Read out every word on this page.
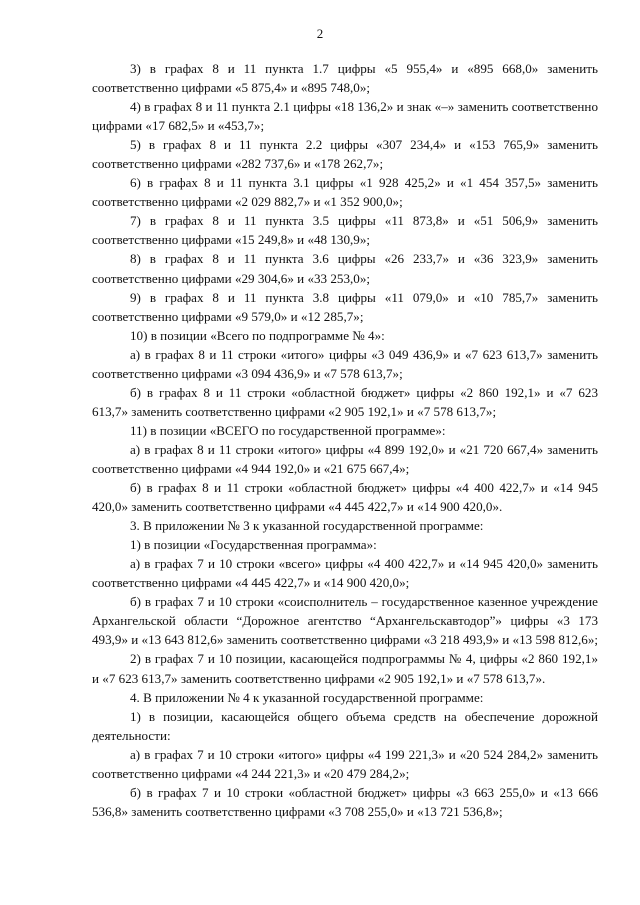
2

3) в графах 8 и 11 пункта 1.7 цифры «5 955,4» и «895 668,0» заменить соответственно цифрами «5 875,4» и «895 748,0»;

4) в графах 8 и 11 пункта 2.1 цифры «18 136,2» и знак «–» заменить соответственно цифрами «17 682,5» и «453,7»;

5) в графах 8 и 11 пункта 2.2 цифры «307 234,4» и «153 765,9» заменить соответственно цифрами «282 737,6» и «178 262,7»;

6) в графах 8 и 11 пункта 3.1 цифры «1 928 425,2» и «1 454 357,5» заменить соответственно цифрами «2 029 882,7» и «1 352 900,0»;

7) в графах 8 и 11 пункта 3.5 цифры «11 873,8» и «51 506,9» заменить соответственно цифрами «15 249,8» и «48 130,9»;

8) в графах 8 и 11 пункта 3.6 цифры «26 233,7» и «36 323,9» заменить соответственно цифрами «29 304,6» и «33 253,0»;

9) в графах 8 и 11 пункта 3.8 цифры «11 079,0» и «10 785,7» заменить соответственно цифрами «9 579,0» и «12 285,7»;

10) в позиции «Всего по подпрограмме № 4»:

а) в графах 8 и 11 строки «итого» цифры «3 049 436,9» и «7 623 613,7» заменить соответственно цифрами «3 094 436,9» и «7 578 613,7»;

б) в графах 8 и 11 строки «областной бюджет» цифры «2 860 192,1» и «7 623 613,7» заменить соответственно цифрами «2 905 192,1» и «7 578 613,7»;

11) в позиции «ВСЕГО по государственной программе»:

а) в графах 8 и 11 строки «итого» цифры «4 899 192,0» и «21 720 667,4» заменить соответственно цифрами «4 944 192,0» и «21 675 667,4»;

б) в графах 8 и 11 строки «областной бюджет» цифры «4 400 422,7» и «14 945 420,0» заменить соответственно цифрами «4 445 422,7» и «14 900 420,0».

3. В приложении № 3 к указанной государственной программе:

1) в позиции «Государственная программа»:

а) в графах 7 и 10 строки «всего» цифры «4 400 422,7» и «14 945 420,0» заменить соответственно цифрами «4 445 422,7» и «14 900 420,0»;

б) в графах 7 и 10 строки «соисполнитель – государственное казенное учреждение Архангельской области “Дорожное агентство “Архангельскавтодор”» цифры «3 173 493,9» и «13 643 812,6» заменить соответственно цифрами «3 218 493,9» и «13 598 812,6»;

2) в графах 7 и 10 позиции, касающейся подпрограммы № 4, цифры «2 860 192,1» и «7 623 613,7» заменить соответственно цифрами «2 905 192,1» и «7 578 613,7».

4. В приложении № 4 к указанной государственной программе:

1) в позиции, касающейся общего объема средств на обеспечение дорожной деятельности:

а) в графах 7 и 10 строки «итого» цифры «4 199 221,3» и «20 524 284,2» заменить соответственно цифрами «4 244 221,3» и «20 479 284,2»;

б) в графах 7 и 10 строки «областной бюджет» цифры «3 663 255,0» и «13 666 536,8» заменить соответственно цифрами «3 708 255,0» и «13 721 536,8»;
